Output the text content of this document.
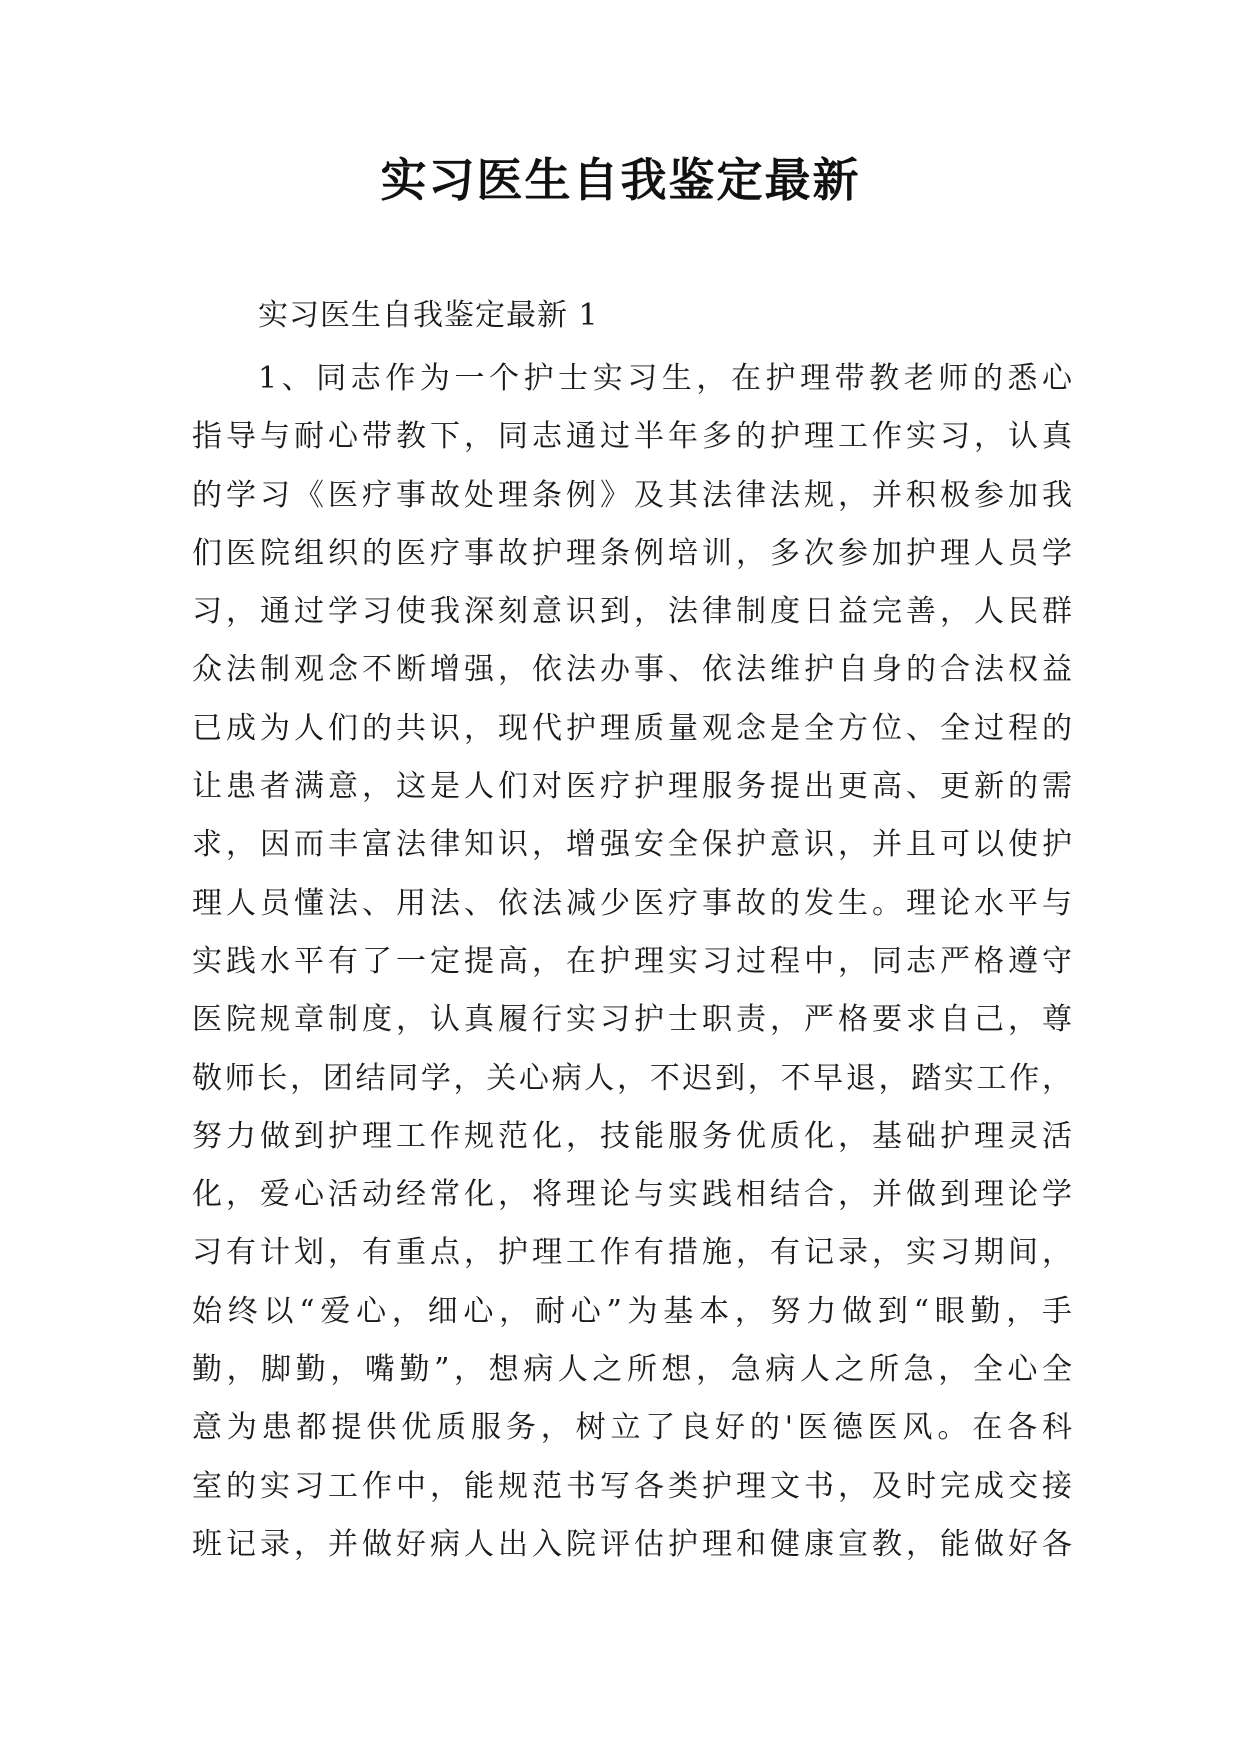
实习医生自我鉴定最新
实习医生自我鉴定最新 1
1、同志作为一个护士实习生，在护理带教老师的悉心
指导与耐心带教下，同志通过半年多的护理工作实习，认真
的学习《医疗事故处理条例》及其法律法规，并积极参加我
们医院组织的医疗事故护理条例培训，多次参加护理人员学
习，通过学习使我深刻意识到，法律制度日益完善，人民群
众法制观念不断增强，依法办事、依法维护自身的合法权益
已成为人们的共识，现代护理质量观念是全方位、全过程的
让患者满意，这是人们对医疗护理服务提出更高、更新的需
求，因而丰富法律知识，增强安全保护意识，并且可以使护
理人员懂法、用法、依法减少医疗事故的发生。理论水平与
实践水平有了一定提高，在护理实习过程中，同志严格遵守
医院规章制度，认真履行实习护士职责，严格要求自己，尊
敬师长，团结同学，关心病人，不迟到，不早退，踏实工作，
努力做到护理工作规范化，技能服务优质化，基础护理灵活
化，爱心活动经常化，将理论与实践相结合，并做到理论学
习有计划，有重点，护理工作有措施，有记录，实习期间，
始终以“爱心，细心，耐心”为基本，努力做到“眼勤，手
勤，脚勤，嘴勤”，想病人之所想，急病人之所急，全心全
意为患都提供优质服务，树立了良好的'医德医风。在各科
室的实习工作中，能规范书写各类护理文书，及时完成交接
班记录，并做好病人出入院评估护理和健康宣教，能做好各
